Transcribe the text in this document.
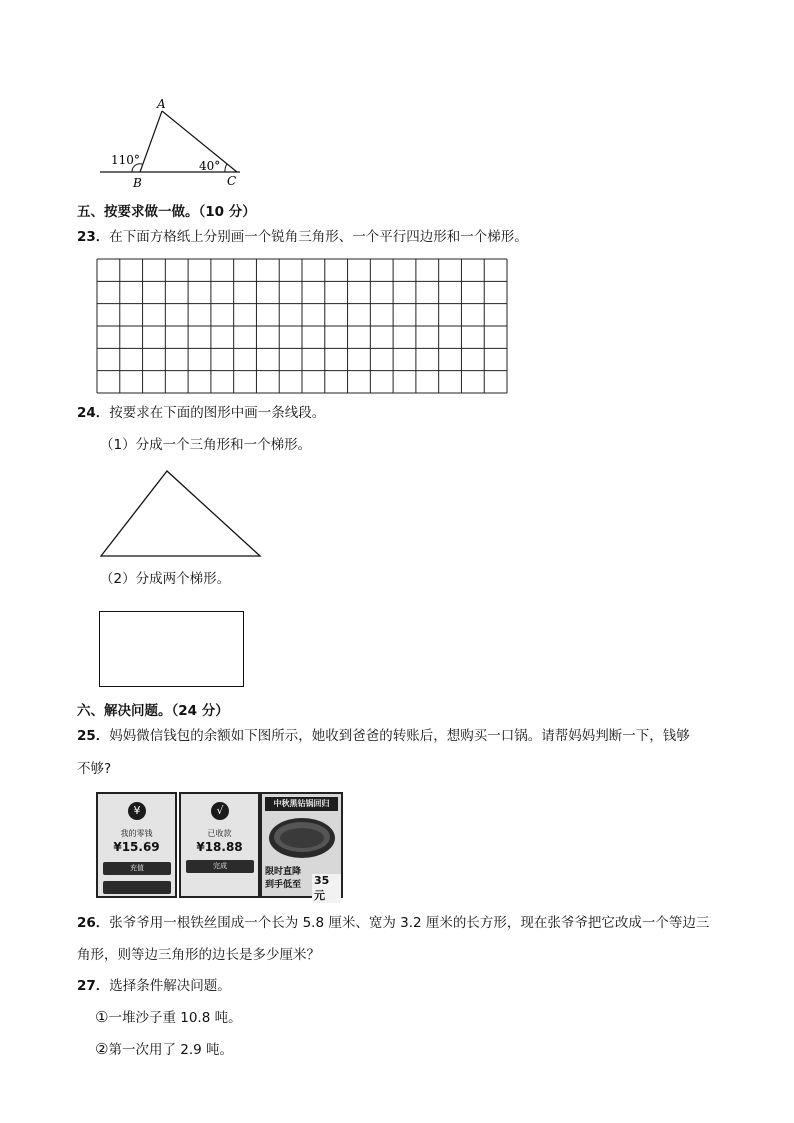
A
B	C
110°	40°
五、按要求做一做。（10 分）
23．在下面方格纸上分别画一个锐角三角形、一个平行四边形和一个梯形。
24．按要求在下面的图形中画一条线段。
（1）分成一个三角形和一个梯形。
（2）分成两个梯形。
六、解决问题。（24 分）
25．妈妈微信钱包的余额如下图所示，她收到爸爸的转账后，想购买一口锅。请帮妈妈判断一下，钱够
不够?
¥
我的零钱
¥15.69
充值
√
已收款
¥18.88
完成
中秋黑钻锅回归
限时直降
到手低至 35元
26．张爷爷用一根铁丝围成一个长为 5.8 厘米、宽为 3.2 厘米的长方形，现在张爷爷把它改成一个等边三
角形，则等边三角形的边长是多少厘米？
27．选择条件解决问题。
①一堆沙子重 10.8 吨。
②第一次用了 2.9 吨。
